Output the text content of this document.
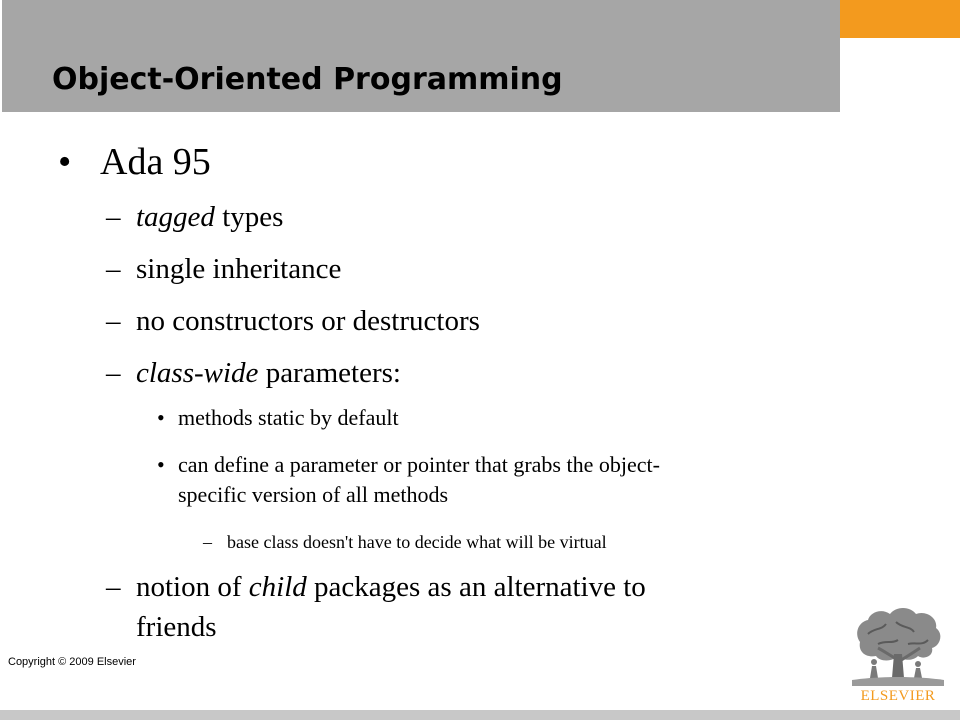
Object-Oriented Programming
• Ada 95
– tagged types
– single inheritance
– no constructors or destructors
– class-wide parameters:
• methods static by default
• can define a parameter or pointer that grabs the object-
specific version of all methods
– base class doesn't have to decide what will be virtual
– notion of child packages as an alternative to
friends
Copyright © 2009 Elsevier
ELSEVIER
